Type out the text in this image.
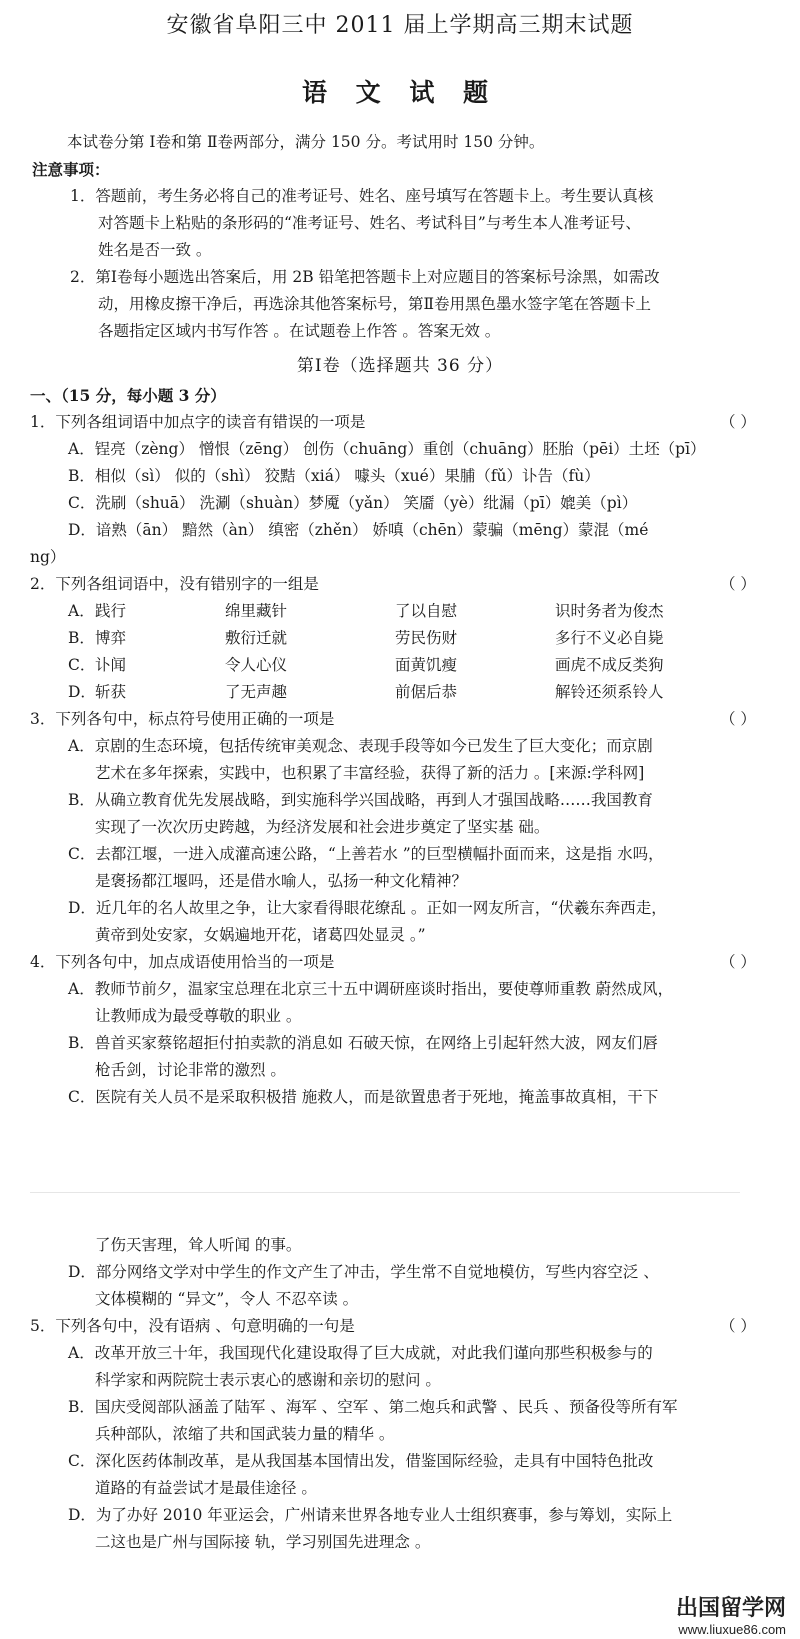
安徽省阜阳三中 2011 届上学期高三期末试题
语 文 试 题
本试卷分第 Ⅰ卷和第 Ⅱ卷两部分，满分 150 分。考试用时 150 分钟。
注意事项：
1．答题前，考生务必将自己的准考证号、姓名、座号填写在答题卡上。考生要认真核
对答题卡上粘贴的条形码的“准考证号、姓名、考试科目”与考生本人准考证号、
姓名是否一致 。
2．第Ⅰ卷每小题选出答案后，用 2B 铅笔把答题卡上对应题目的答案标号涂黑，如需改
动，用橡皮擦干净后，再选涂其他答案标号，第Ⅱ卷用黑色墨水签字笔在答题卡上
各题指定区域内书写作答 。在试题卷上作答 。答案无效 。
第Ⅰ卷（选择题共 36 分）
一、（15 分，每小题 3 分）
1．下列各组词语中加点字的读音有错误的一项是	（ ）
A．锃亮（zèng） 憎恨（zēng） 创伤（chuāng）重创（chuāng）胚胎（pēi）土坯（pī）
B．相似（sì） 似的（shì） 狡黠（xiá） 噱头（xué）果脯（fǔ）讣告（fù）
C．洗刷（shuā） 洗涮（shuàn）梦魇（yǎn） 笑靥（yè）纰漏（pī）媲美（pì）
D．谙熟（ān） 黯然（àn） 缜密（zhěn） 娇嗔（chēn）蒙骗（mēng）蒙混（mé
ng）
2．下列各组词语中，没有错别字的一组是	（ ）
A． 践行	绵里藏针	了以自慰	识时务者为俊杰
B． 博弈	敷衍迁就	劳民伤财	多行不义必自毙
C． 讣闻	令人心仪	面黄饥瘦	画虎不成反类狗
D． 斩获	了无声趣	前倨后恭	解铃还须系铃人
3．下列各句中，标点符号使用正确的一项是	（ ）
A．京剧的生态环境，包括传统审美观念、表现手段等如今已发生了巨大变化；而京剧
艺术在多年探索，实践中，也积累了丰富经验，获得了新的活力 。[来源:学科网]
B．从确立教育优先发展战略，到实施科学兴国战略，再到人才强国战略……我国教育
实现了一次次历史跨越，为经济发展和社会进步奠定了坚实基 础。
C．去都江堰，一进入成灌高速公路，“上善若水 ”的巨型横幅扑面而来，这是指 水吗，
是褒扬都江堰吗，还是借水喻人，弘扬一种文化精神？
D．近几年的名人故里之争，让大家看得眼花缭乱 。正如一网友所言，“伏羲东奔西走，
黄帝到处安家，女娲遍地开花，诸葛四处显灵 。”
4．下列各句中，加点成语使用恰当的一项是	（ ）
A．教师节前夕，温家宝总理在北京三十五中调研座谈时指出，要使尊师重教 蔚然成风，
让教师成为最受尊敬的职业 。
B．兽首买家蔡铭超拒付拍卖款的消息如 石破天惊，在网络上引起轩然大波，网友们唇
枪舌剑，讨论非常的激烈 。
C．医院有关人员不是采取积极措 施救人，而是欲置患者于死地，掩盖事故真相，干下
了伤天害理，耸人听闻 的事。
D．部分网络文学对中学生的作文产生了冲击，学生常不自觉地模仿，写些内容空泛 、
文体模糊的 “异文”，令人 不忍卒读 。
5．下列各句中，没有语病 、句意明确的一句是	（ ）
A．改革开放三十年，我国现代化建设取得了巨大成就，对此我们谨向那些积极参与的
科学家和两院院士表示衷心的感谢和亲切的慰问 。
B．国庆受阅部队涵盖了陆军 、海军 、空军 、第二炮兵和武警 、民兵 、预备役等所有军
兵种部队，浓缩了共和国武装力量的精华 。
C．深化医药体制改革，是从我国基本国情出发，借鉴国际经验，走具有中国特色批改
道路的有益尝试才是最佳途径 。
D．为了办好 2010 年亚运会，广州请来世界各地专业人士组织赛事，参与筹划，实际上
二这也是广州与国际接 轨，学习别国先进理念 。
出国留学网
www.liuxue86.com
